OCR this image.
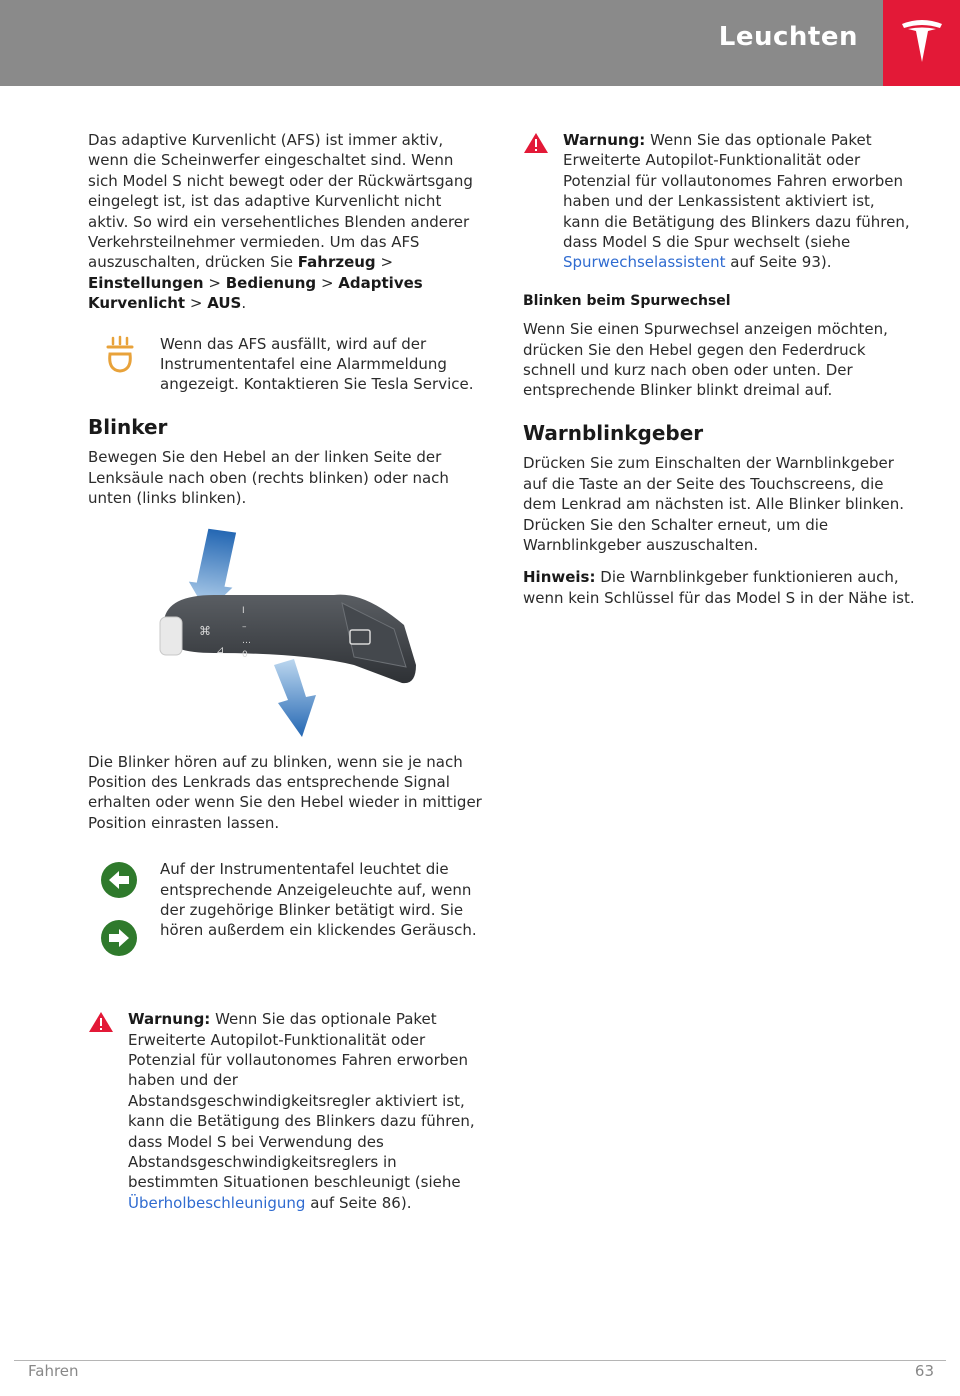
Leuchten

Das adaptive Kurvenlicht (AFS) ist immer aktiv, wenn die Scheinwerfer eingeschaltet sind. Wenn sich Model S nicht bewegt oder der Rückwärtsgang eingelegt ist, ist das adaptive Kurvenlicht nicht aktiv. So wird ein versehentliches Blenden anderer Verkehrsteilnehmer vermieden. Um das AFS auszuschalten, drücken Sie Fahrzeug > Einstellungen > Bedienung > Adaptives Kurvenlicht > AUS.

Wenn das AFS ausfällt, wird auf der Instrumententafel eine Alarmmeldung angezeigt. Kontaktieren Sie Tesla Service.
Blinker

Bewegen Sie den Hebel an der linken Seite der Lenksäule nach oben (rechts blinken) oder nach unten (links blinken).

⌘
⊿
I
–
…
0

Die Blinker hören auf zu blinken, wenn sie je nach Position des Lenkrads das entsprechende Signal erhalten oder wenn Sie den Hebel wieder in mittiger Position einrasten lassen.

Auf der Instrumententafel leuchtet die entsprechende Anzeigeleuchte auf, wenn der zugehörige Blinker betätigt wird. Sie hören außerdem ein klickendes Geräusch.
Warnung: Wenn Sie das optionale Paket Erweiterte Autopilot-Funktionalität oder Potenzial für vollautonomes Fahren erworben haben und der Abstandsgeschwindigkeitsregler aktiviert ist, kann die Betätigung des Blinkers dazu führen, dass Model S bei Verwendung des Abstandsgeschwindigkeitsreglers in bestimmten Situationen beschleunigt (siehe Überholbeschleunigung auf Seite 86).
Warnung: Wenn Sie das optionale Paket Erweiterte Autopilot-Funktionalität oder Potenzial für vollautonomes Fahren erworben haben und der Lenkassistent aktiviert ist, kann die Betätigung des Blinkers dazu führen, dass Model S die Spur wechselt (siehe Spurwechselassistent auf Seite 93).
Blinken beim Spurwechsel

Wenn Sie einen Spurwechsel anzeigen möchten, drücken Sie den Hebel gegen den Federdruck schnell und kurz nach oben oder unten. Der entsprechende Blinker blinkt dreimal auf.

Warnblinkgeber

Drücken Sie zum Einschalten der Warnblinkgeber auf die Taste an der Seite des Touchscreens, die dem Lenkrad am nächsten ist. Alle Blinker blinken. Drücken Sie den Schalter erneut, um die Warnblinkgeber auszuschalten.

Hinweis: Die Warnblinkgeber funktionieren auch, wenn kein Schlüssel für das Model S in der Nähe ist.

Fahren	63
